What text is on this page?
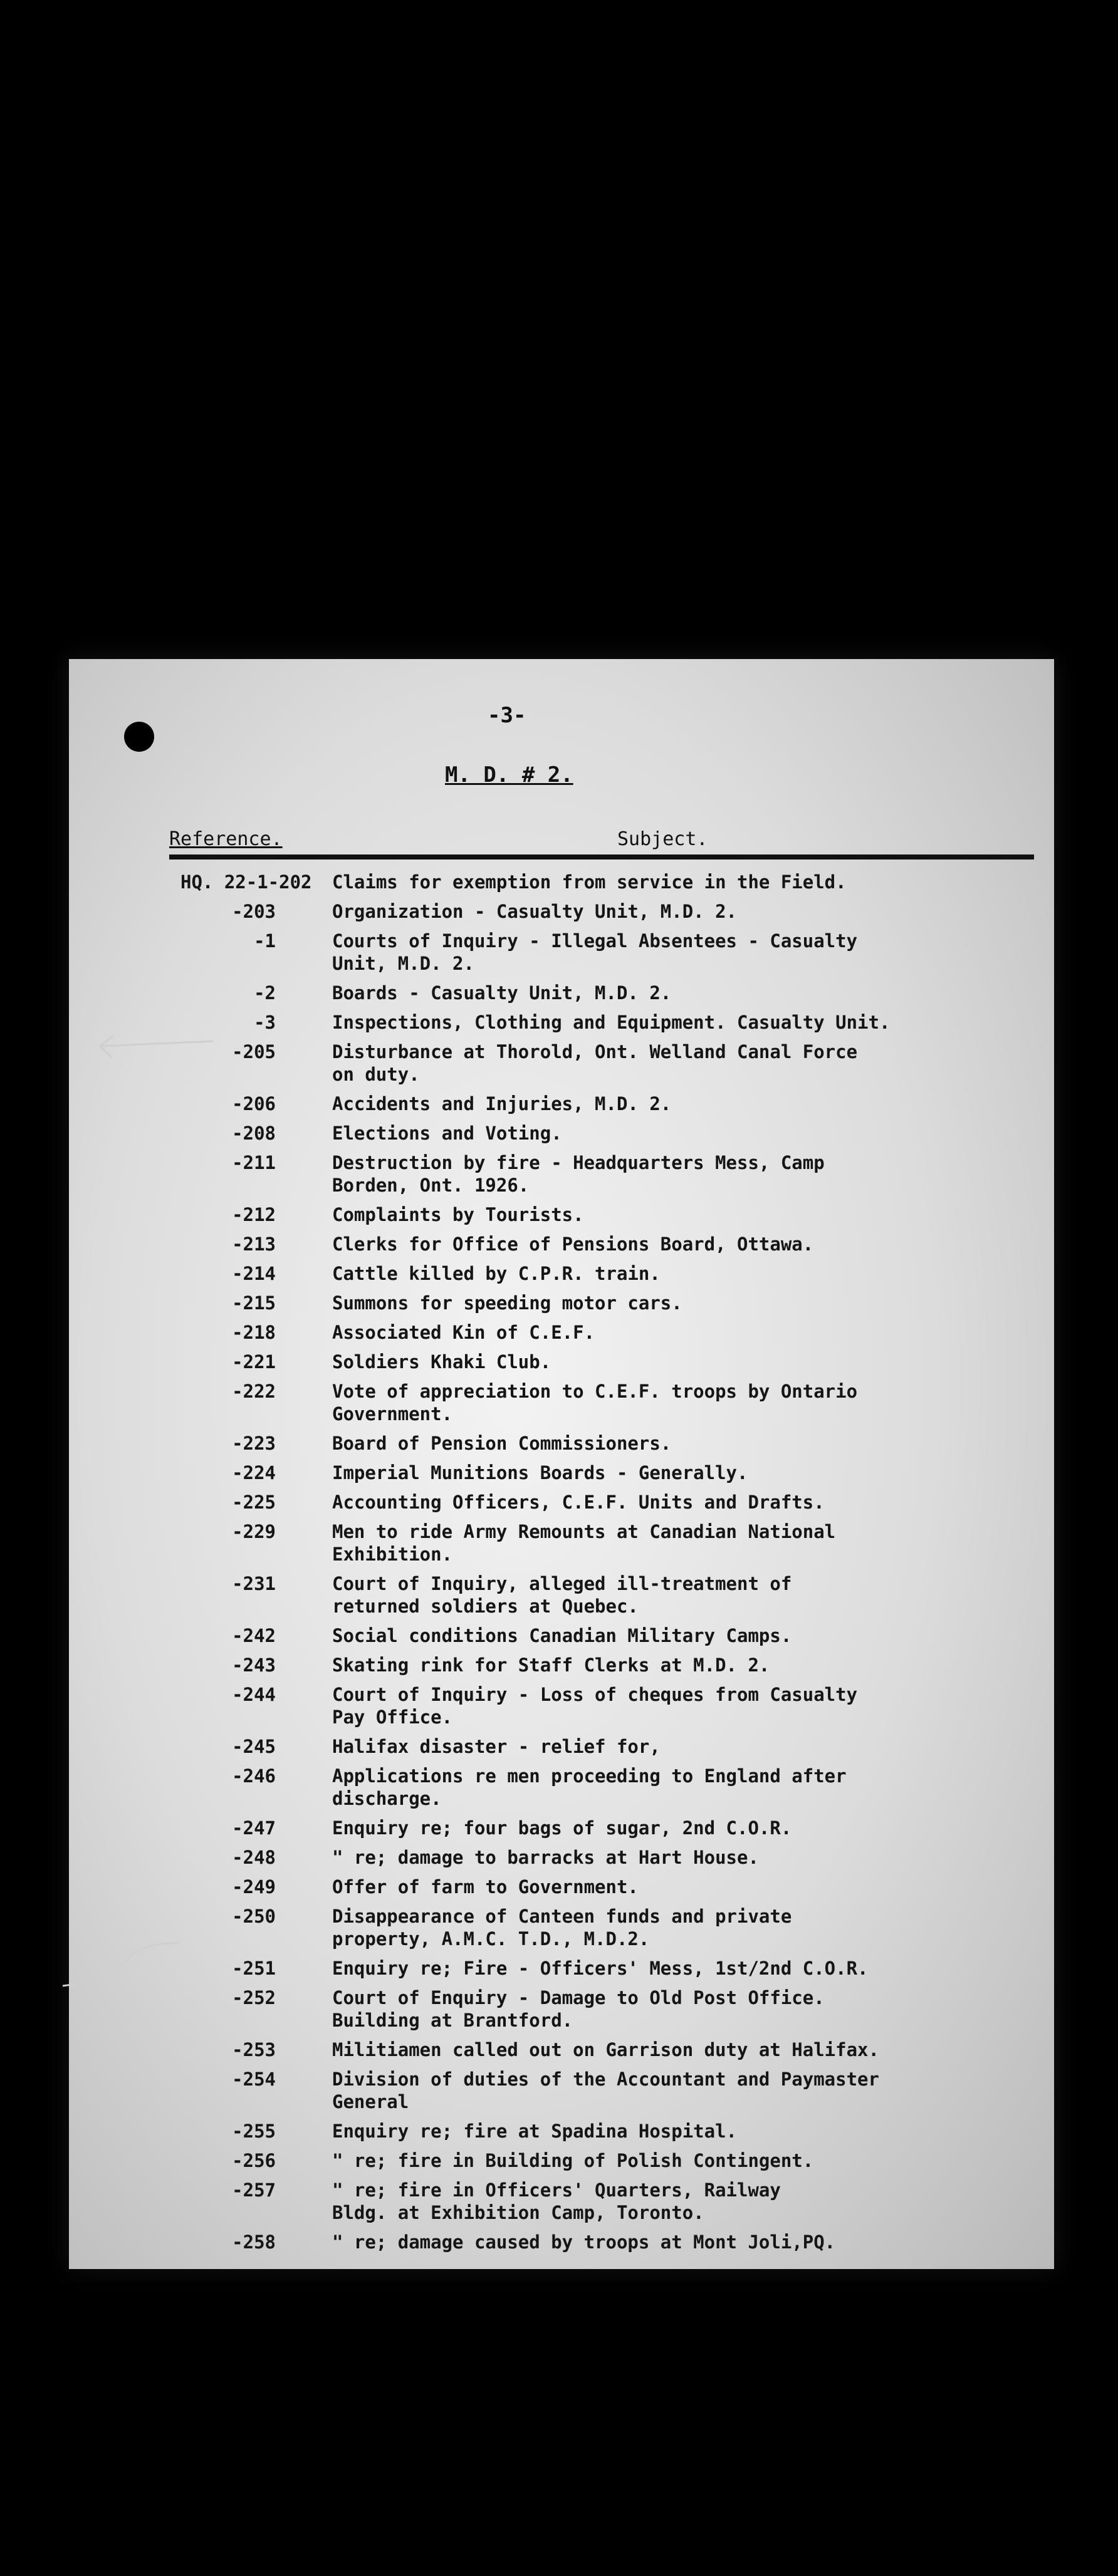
-3-
M. D. # 2.
Reference.	Subject.
HQ. 22-1-202	Claims for exemption from service in the Field.
-203	Organization - Casualty Unit, M.D. 2.
-1	Courts of Inquiry - Illegal Absentees - Casualty
Unit, M.D. 2.
-2	Boards - Casualty Unit, M.D. 2.
-3	Inspections, Clothing and Equipment. Casualty Unit.
-205	Disturbance at Thorold, Ont. Welland Canal Force
on duty.
-206	Accidents and Injuries, M.D. 2.
-208	Elections and Voting.
-211	Destruction by fire - Headquarters Mess, Camp
Borden, Ont. 1926.
-212	Complaints by Tourists.
-213	Clerks for Office of Pensions Board, Ottawa.
-214	Cattle killed by C.P.R. train.
-215	Summons for speeding motor cars.
-218	Associated Kin of C.E.F.
-221	Soldiers Khaki Club.
-222	Vote of appreciation to C.E.F. troops by Ontario
Government.
-223	Board of Pension Commissioners.
-224	Imperial Munitions Boards - Generally.
-225	Accounting Officers, C.E.F. Units and Drafts.
-229	Men to ride Army Remounts at Canadian National
Exhibition.
-231	Court of Inquiry, alleged ill-treatment of
returned soldiers at Quebec.
-242	Social conditions Canadian Military Camps.
-243	Skating rink for Staff Clerks at M.D. 2.
-244	Court of Inquiry - Loss of cheques from Casualty
Pay Office.
-245	Halifax disaster - relief for,
-246	Applications re men proceeding to England after
discharge.
-247	Enquiry re; four bags of sugar, 2nd C.O.R.
-248	" re; damage to barracks at Hart House.
-249	Offer of farm to Government.
-250	Disappearance of Canteen funds and private
property, A.M.C. T.D., M.D.2.
-251	Enquiry re; Fire - Officers' Mess, 1st/2nd C.O.R.
-252	Court of Enquiry - Damage to Old Post Office.
Building at Brantford.
-253	Militiamen called out on Garrison duty at Halifax.
-254	Division of duties of the Accountant and Paymaster
General
-255	Enquiry re; fire at Spadina Hospital.
-256	" re; fire in Building of Polish Contingent.
-257	" re; fire in Officers' Quarters, Railway
Bldg. at Exhibition Camp, Toronto.
-258	" re; damage caused by troops at Mont Joli,PQ.
